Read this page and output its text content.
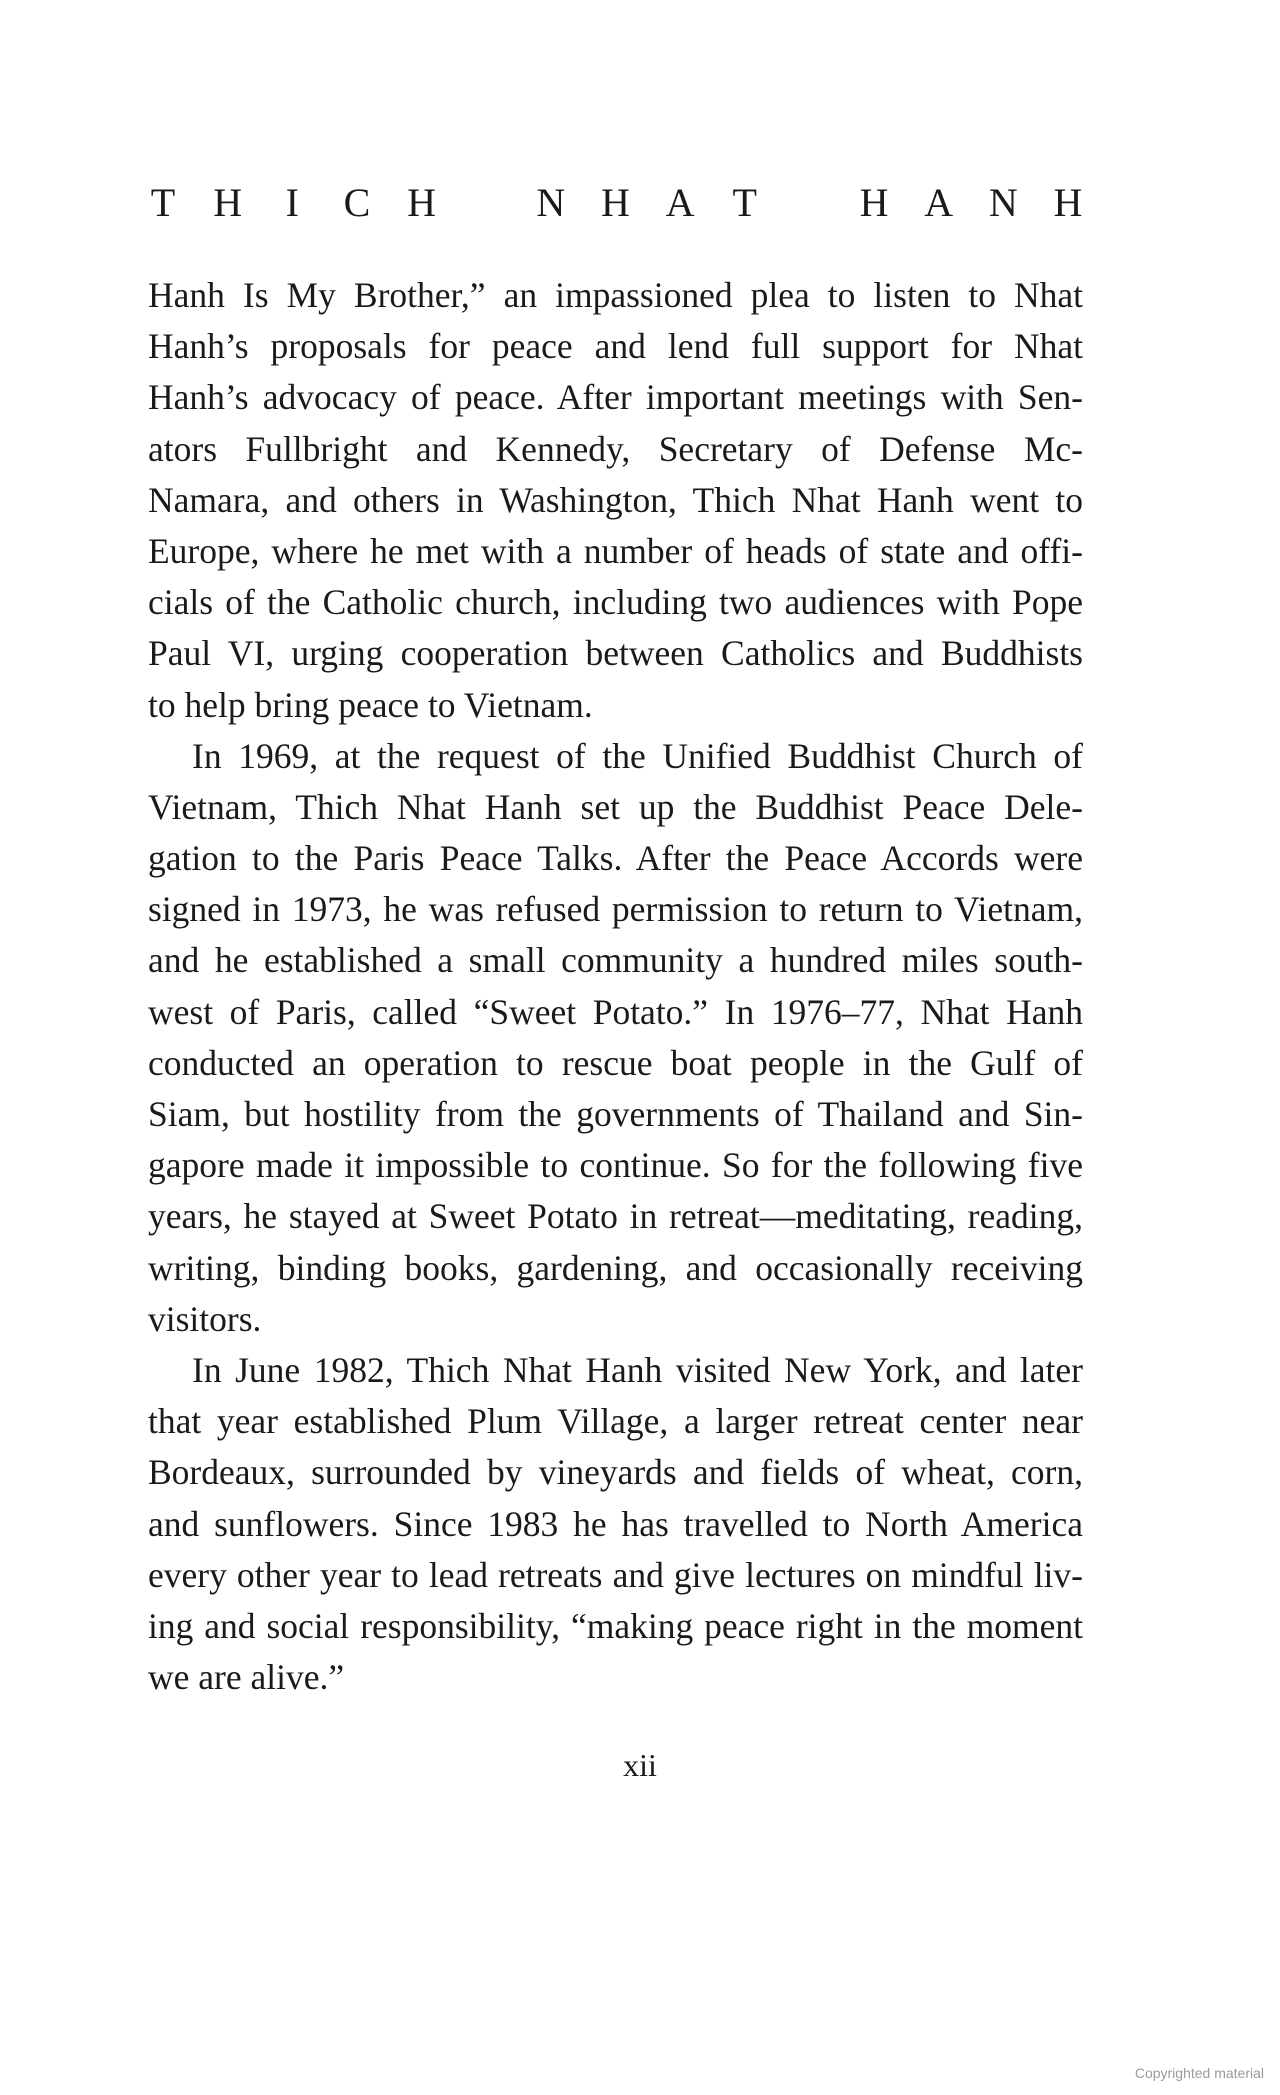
T H I C H	N H A T	H A N H
Hanh Is My Brother,” an impassioned plea to listen to Nhat
Hanh’s proposals for peace and lend full support for Nhat
Hanh’s advocacy of peace. After important meetings with Sen-
ators Fullbright and Kennedy, Secretary of Defense Mc-
Namara, and others in Washington, Thich Nhat Hanh went to
Europe, where he met with a number of heads of state and offi-
cials of the Catholic church, including two audiences with Pope
Paul VI, urging cooperation between Catholics and Buddhists
to help bring peace to Vietnam.
In 1969, at the request of the Unified Buddhist Church of
Vietnam, Thich Nhat Hanh set up the Buddhist Peace Dele-
gation to the Paris Peace Talks. After the Peace Accords were
signed in 1973, he was refused permission to return to Vietnam,
and he established a small community a hundred miles south-
west of Paris, called “Sweet Potato.” In 1976–77, Nhat Hanh
conducted an operation to rescue boat people in the Gulf of
Siam, but hostility from the governments of Thailand and Sin-
gapore made it impossible to continue. So for the following five
years, he stayed at Sweet Potato in retreat—meditating, reading,
writing, binding books, gardening, and occasionally receiving
visitors.
In June 1982, Thich Nhat Hanh visited New York, and later
that year established Plum Village, a larger retreat center near
Bordeaux, surrounded by vineyards and fields of wheat, corn,
and sunflowers. Since 1983 he has travelled to North America
every other year to lead retreats and give lectures on mindful liv-
ing and social responsibility, “making peace right in the moment
we are alive.”
xii
Copyrighted material
